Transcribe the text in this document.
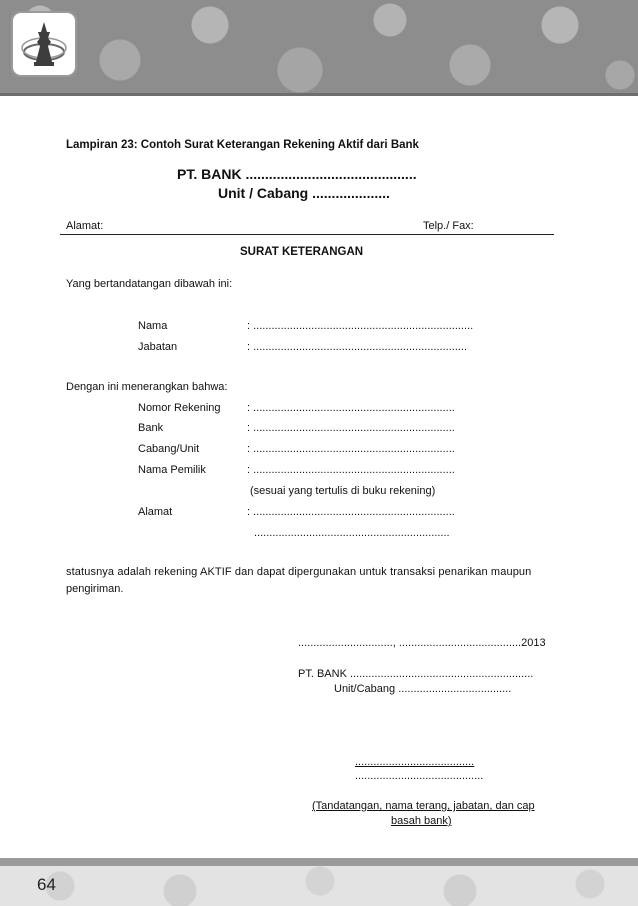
Lampiran 23: Contoh Surat Keterangan Rekening Aktif dari Bank
PT. BANK ............................................
Unit / Cabang ....................
Alamat:	Telp./ Fax:
SURAT KETERANGAN
Yang bertandatangan dibawah ini:
Nama	: ........................................................................
Jabatan	: ......................................................................
Dengan ini menerangkan bahwa:
Nomor Rekening : ..................................................................
Bank	: ..................................................................
Cabang/Unit	: ..................................................................
Nama Pemilik	: ..................................................................
(sesuai yang tertulis di buku rekening)
Alamat	: ..................................................................
................................................................
statusnya adalah rekening AKTIF dan dapat dipergunakan untuk transaksi penarikan maupun
pengiriman.
..............................., ........................................2013
PT. BANK ............................................................
Unit/Cabang .....................................
.......................................
..........................................
(Tandatangan, nama terang, jabatan, dan cap
basah bank)
64
